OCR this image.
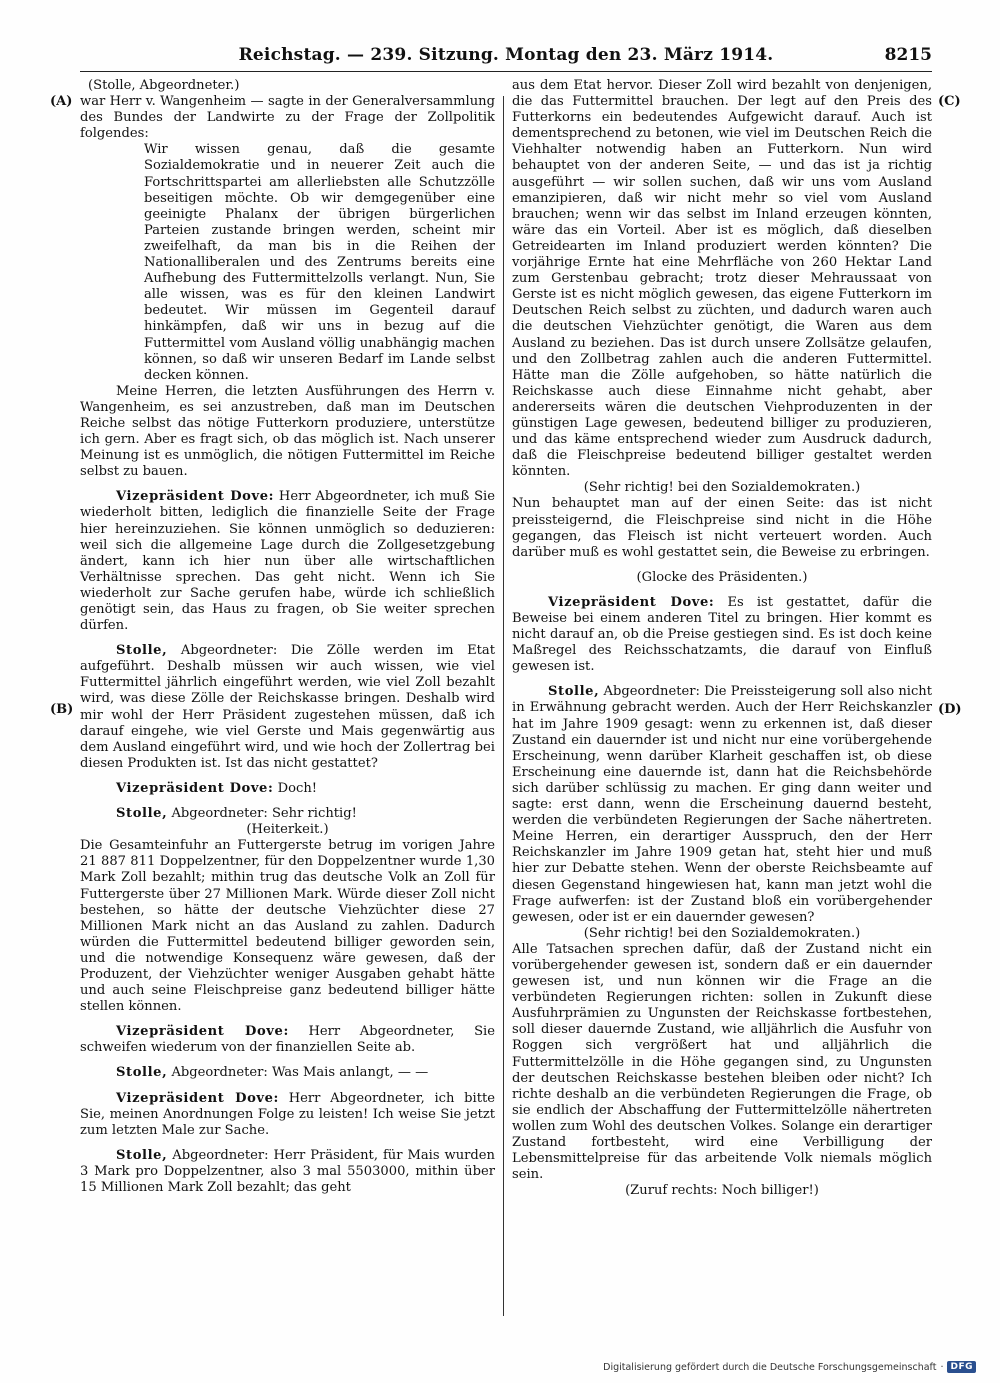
Reichstag. — 239. Sitzung. Montag den 23. März 1914.	8215
(A)
(B)
(C)
(D)

(Stolle, Abgeordneter.)

war Herr v. Wangenheim — sagte in der Generalversammlung des Bundes der Landwirte zu der Frage der Zollpolitik folgendes:

Wir wissen genau, daß die gesamte Sozialdemokratie und in neuerer Zeit auch die Fortschrittspartei am allerliebsten alle Schutzzölle beseitigen möchte. Ob wir demgegenüber eine geeinigte Phalanx der übrigen bürgerlichen Parteien zustande bringen werden, scheint mir zweifelhaft, da man bis in die Reihen der Nationalliberalen und des Zentrums bereits eine Aufhebung des Futtermittelzolls verlangt. Nun, Sie alle wissen, was es für den kleinen Landwirt bedeutet. Wir müssen im Gegenteil darauf hinkämpfen, daß wir uns in bezug auf die Futtermittel vom Ausland völlig unabhängig machen können, so daß wir unseren Bedarf im Lande selbst decken können.

Meine Herren, die letzten Ausführungen des Herrn v. Wangenheim, es sei anzustreben, daß man im Deutschen Reiche selbst das nötige Futterkorn produziere, unterstütze ich gern. Aber es fragt sich, ob das möglich ist. Nach unserer Meinung ist es unmöglich, die nötigen Futtermittel im Reiche selbst zu bauen.

Vizepräsident Dove: Herr Abgeordneter, ich muß Sie wiederholt bitten, lediglich die finanzielle Seite der Frage hier hereinzuziehen. Sie können unmöglich so deduzieren: weil sich die allgemeine Lage durch die Zollgesetzgebung ändert, kann ich hier nun über alle wirtschaftlichen Verhältnisse sprechen. Das geht nicht. Wenn ich Sie wiederholt zur Sache gerufen habe, würde ich schließlich genötigt sein, das Haus zu fragen, ob Sie weiter sprechen dürfen.

Stolle, Abgeordneter: Die Zölle werden im Etat aufgeführt. Deshalb müssen wir auch wissen, wie viel Futtermittel jährlich eingeführt werden, wie viel Zoll bezahlt wird, was diese Zölle der Reichskasse bringen. Deshalb wird mir wohl der Herr Präsident zugestehen müssen, daß ich darauf eingehe, wie viel Gerste und Mais gegenwärtig aus dem Ausland eingeführt wird, und wie hoch der Zollertrag bei diesen Produkten ist. Ist das nicht gestattet?

Vizepräsident Dove: Doch!

Stolle, Abgeordneter: Sehr richtig!

(Heiterkeit.)

Die Gesamteinfuhr an Futtergerste betrug im vorigen Jahre 21 887 811 Doppelzentner, für den Doppelzentner wurde 1,30 Mark Zoll bezahlt; mithin trug das deutsche Volk an Zoll für Futtergerste über 27 Millionen Mark. Würde dieser Zoll nicht bestehen, so hätte der deutsche Viehzüchter diese 27 Millionen Mark nicht an das Ausland zu zahlen. Dadurch würden die Futtermittel bedeutend billiger geworden sein, und die notwendige Konsequenz wäre gewesen, daß der Produzent, der Viehzüchter weniger Ausgaben gehabt hätte und auch seine Fleischpreise ganz bedeutend billiger hätte stellen können.

Vizepräsident Dove: Herr Abgeordneter, Sie schweifen wiederum von der finanziellen Seite ab.

Stolle, Abgeordneter: Was Mais anlangt, — —

Vizepräsident Dove: Herr Abgeordneter, ich bitte Sie, meinen Anordnungen Folge zu leisten! Ich weise Sie jetzt zum letzten Male zur Sache.

Stolle, Abgeordneter: Herr Präsident, für Mais wurden 3 Mark pro Doppelzentner, also 3 mal 5503000, mithin über 15 Millionen Mark Zoll bezahlt; das geht

aus dem Etat hervor. Dieser Zoll wird bezahlt von denjenigen, die das Futtermittel brauchen. Der legt auf den Preis des Futterkorns ein bedeutendes Aufgewicht darauf. Auch ist dementsprechend zu betonen, wie viel im Deutschen Reich die Viehhalter notwendig haben an Futterkorn. Nun wird behauptet von der anderen Seite, — und das ist ja richtig ausgeführt — wir sollen suchen, daß wir uns vom Ausland emanzipieren, daß wir nicht mehr so viel vom Ausland brauchen; wenn wir das selbst im Inland erzeugen könnten, wäre das ein Vorteil. Aber ist es möglich, daß dieselben Getreidearten im Inland produziert werden könnten? Die vorjährige Ernte hat eine Mehrfläche von 260 Hektar Land zum Gerstenbau gebracht; trotz dieser Mehraussaat von Gerste ist es nicht möglich gewesen, das eigene Futterkorn im Deutschen Reich selbst zu züchten, und dadurch waren auch die deutschen Viehzüchter genötigt, die Waren aus dem Ausland zu beziehen. Das ist durch unsere Zollsätze gelaufen, und den Zollbetrag zahlen auch die anderen Futtermittel. Hätte man die Zölle aufgehoben, so hätte natürlich die Reichskasse auch diese Einnahme nicht gehabt, aber andererseits wären die deutschen Viehproduzenten in der günstigen Lage gewesen, bedeutend billiger zu produzieren, und das käme entsprechend wieder zum Ausdruck dadurch, daß die Fleischpreise bedeutend billiger gestaltet werden könnten.

(Sehr richtig! bei den Sozialdemokraten.)

Nun behauptet man auf der einen Seite: das ist nicht preissteigernd, die Fleischpreise sind nicht in die Höhe gegangen, das Fleisch ist nicht verteuert worden. Auch darüber muß es wohl gestattet sein, die Beweise zu erbringen.

(Glocke des Präsidenten.)

Vizepräsident Dove: Es ist gestattet, dafür die Beweise bei einem anderen Titel zu bringen. Hier kommt es nicht darauf an, ob die Preise gestiegen sind. Es ist doch keine Maßregel des Reichsschatzamts, die darauf von Einfluß gewesen ist.

Stolle, Abgeordneter: Die Preissteigerung soll also nicht in Erwähnung gebracht werden. Auch der Herr Reichskanzler hat im Jahre 1909 gesagt: wenn zu erkennen ist, daß dieser Zustand ein dauernder ist und nicht nur eine vorübergehende Erscheinung, wenn darüber Klarheit geschaffen ist, ob diese Erscheinung eine dauernde ist, dann hat die Reichsbehörde sich darüber schlüssig zu machen. Er ging dann weiter und sagte: erst dann, wenn die Erscheinung dauernd besteht, werden die verbündeten Regierungen der Sache nähertreten. Meine Herren, ein derartiger Ausspruch, den der Herr Reichskanzler im Jahre 1909 getan hat, steht hier und muß hier zur Debatte stehen. Wenn der oberste Reichsbeamte auf diesen Gegenstand hingewiesen hat, kann man jetzt wohl die Frage aufwerfen: ist der Zustand bloß ein vorübergehender gewesen, oder ist er ein dauernder gewesen?

(Sehr richtig! bei den Sozialdemokraten.)

Alle Tatsachen sprechen dafür, daß der Zustand nicht ein vorübergehender gewesen ist, sondern daß er ein dauernder gewesen ist, und nun können wir die Frage an die verbündeten Regierungen richten: sollen in Zukunft diese Ausfuhrprämien zu Ungunsten der Reichskasse fortbestehen, soll dieser dauernde Zustand, wie alljährlich die Ausfuhr von Roggen sich vergrößert hat und alljährlich die Futtermittelzölle in die Höhe gegangen sind, zu Ungunsten der deutschen Reichskasse bestehen bleiben oder nicht? Ich richte deshalb an die verbündeten Regierungen die Frage, ob sie endlich der Abschaffung der Futtermittelzölle nähertreten wollen zum Wohl des deutschen Volkes. Solange ein derartiger Zustand fortbesteht, wird eine Verbilligung der Lebensmittelpreise für das arbeitende Volk niemals möglich sein.

(Zuruf rechts: Noch billiger!)

Digitalisierung gefördert durch die Deutsche Forschungsgemeinschaft · DFG
